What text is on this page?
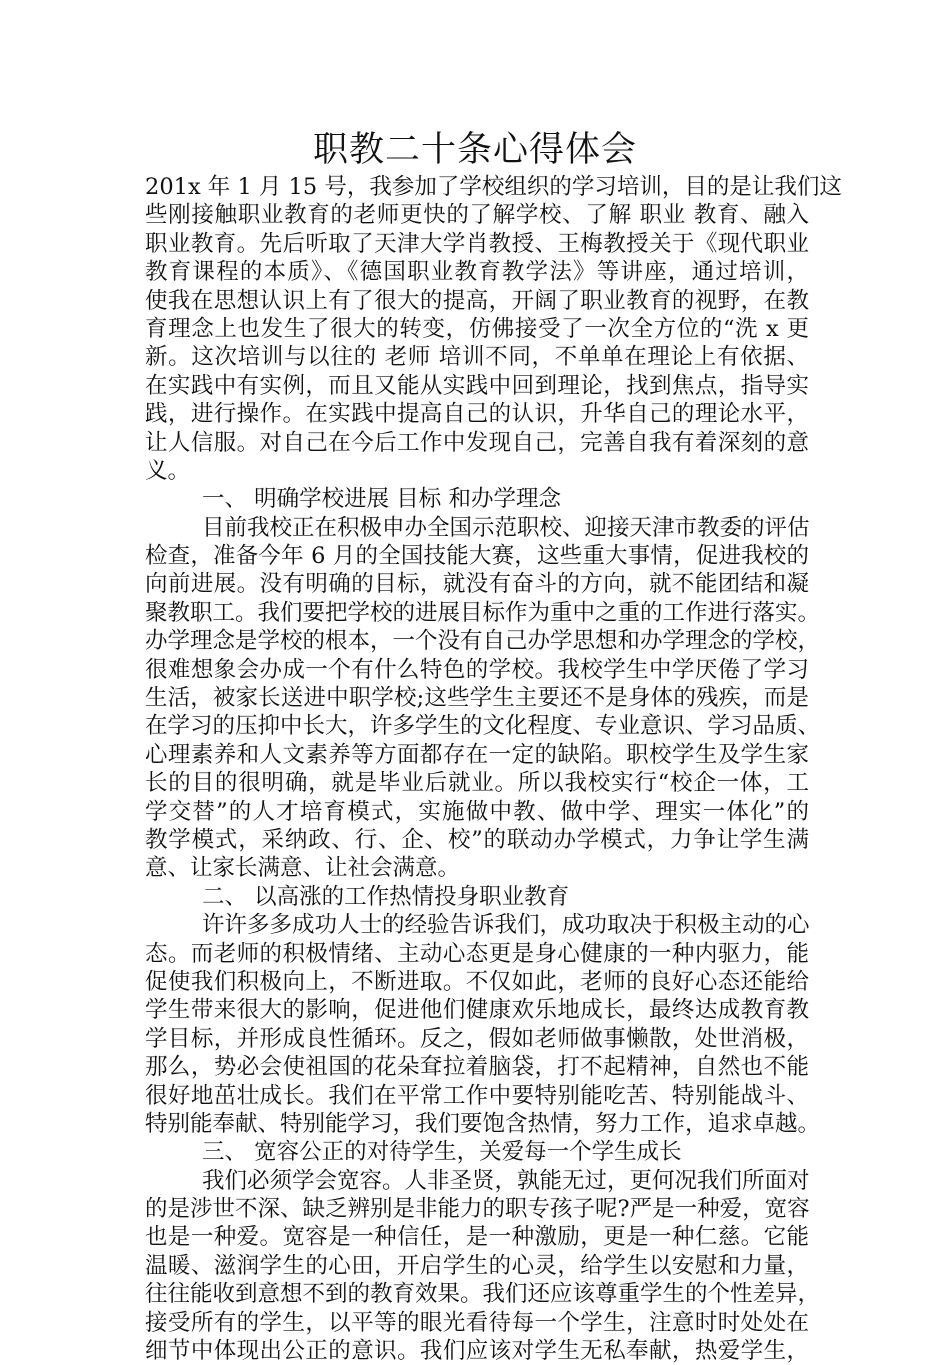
职教二十条心得体会
201x 年 1 月 15 号，我参加了学校组织的学习培训，目的是让我们这
些刚接触职业教育的老师更快的了解学校、了解 职业 教育、融入
职业教育。先后听取了天津大学肖教授、王梅教授关于《现代职业
教育课程的本质》、《德国职业教育教学法》等讲座，通过培训，
使我在思想认识上有了很大的提高，开阔了职业教育的视野，在教
育理念上也发生了很大的转变，仿佛接受了一次全方位的“洗 x 更
新。这次培训与以往的 老师 培训不同，不单单在理论上有依据、
在实践中有实例，而且又能从实践中回到理论，找到焦点，指导实
践，进行操作。在实践中提高自己的认识，升华自己的理论水平，
让人信服。对自己在今后工作中发现自己，完善自我有着深刻的意
义。
一、 明确学校进展 目标 和办学理念
目前我校正在积极申办全国示范职校、迎接天津市教委的评估
检查，准备今年 6 月的全国技能大赛，这些重大事情，促进我校的
向前进展。没有明确的目标，就没有奋斗的方向，就不能团结和凝
聚教职工。我们要把学校的进展目标作为重中之重的工作进行落实。
办学理念是学校的根本，一个没有自己办学思想和办学理念的学校，
很难想象会办成一个有什么特色的学校。我校学生中学厌倦了学习
生活，被家长送进中职学校;这些学生主要还不是身体的残疾，而是
在学习的压抑中长大，许多学生的文化程度、专业意识、学习品质、
心理素养和人文素养等方面都存在一定的缺陷。职校学生及学生家
长的目的很明确，就是毕业后就业。所以我校实行“校企一体，工
学交替”的人才培育模式，实施做中教、做中学、理实一体化”的
教学模式，采纳政、行、企、校”的联动办学模式，力争让学生满
意、让家长满意、让社会满意。
二、 以高涨的工作热情投身职业教育
许许多多成功人士的经验告诉我们，成功取决于积极主动的心
态。而老师的积极情绪、主动心态更是身心健康的一种内驱力，能
促使我们积极向上，不断进取。不仅如此，老师的良好心态还能给
学生带来很大的影响，促进他们健康欢乐地成长，最终达成教育教
学目标，并形成良性循环。反之，假如老师做事懒散，处世消极，
那么，势必会使祖国的花朵耷拉着脑袋，打不起精神，自然也不能
很好地茁壮成长。我们在平常工作中要特别能吃苦、特别能战斗、
特别能奉献、特别能学习，我们要饱含热情，努力工作，追求卓越。
三、 宽容公正的对待学生，关爱每一个学生成长
我们必须学会宽容。人非圣贤，孰能无过，更何况我们所面对
的是涉世不深、缺乏辨别是非能力的职专孩子呢?严是一种爱，宽容
也是一种爱。宽容是一种信任，是一种激励，更是一种仁慈。它能
温暖、滋润学生的心田，开启学生的心灵，给学生以安慰和力量，
往往能收到意想不到的教育效果。我们还应该尊重学生的个性差异，
接受所有的学生，以平等的眼光看待每一个学生，注意时时处处在
细节中体现出公正的意识。我们应该对学生无私奉献，热爱学生，
